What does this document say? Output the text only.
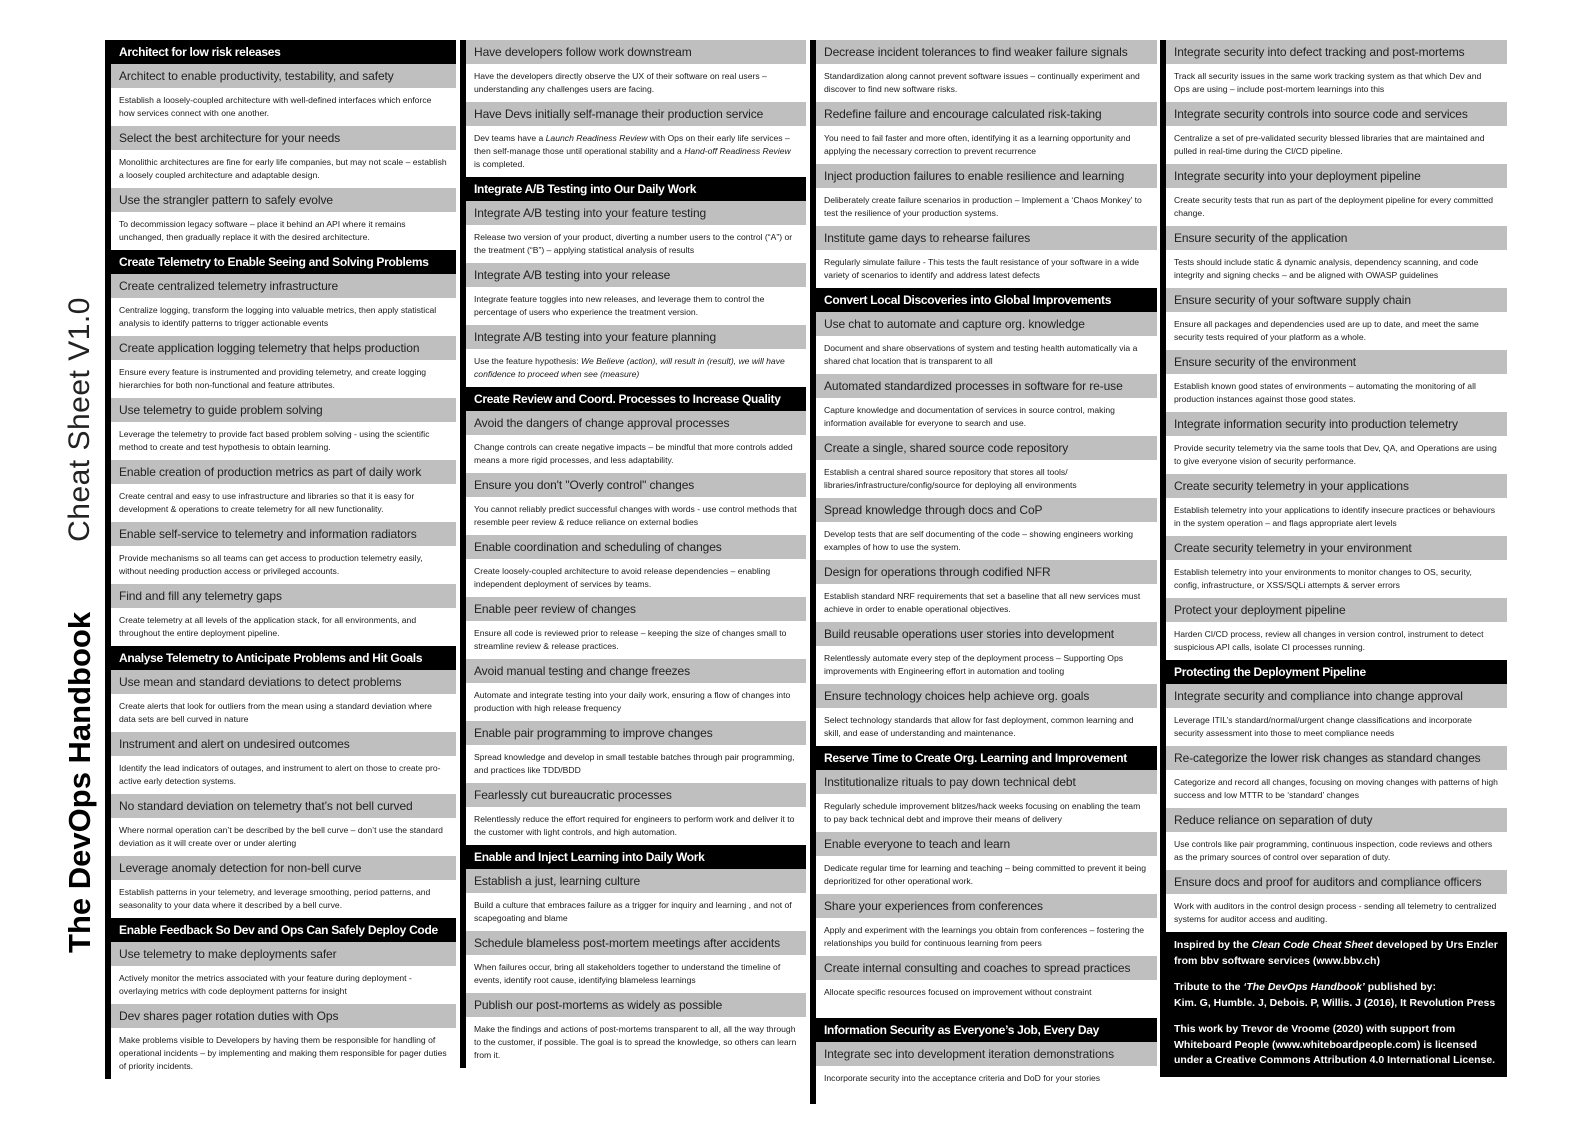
The DevOps Handbook
Cheat Sheet V1.0
Architect for low risk releases
Architect to enable productivity, testability, and safety
Establish a loosely-coupled architecture with well-defined interfaces which enforce how services connect with one another.
Select the best architecture for your needs
Monolithic architectures are fine for early life companies, but may not scale – establish a loosely coupled architecture and adaptable design.
Use the strangler pattern to safely evolve
To decommission legacy software – place it behind an API where it remains unchanged, then gradually replace it with the desired architecture.
Create Telemetry to Enable Seeing and Solving Problems
Create centralized telemetry infrastructure
Centralize logging, transform the logging into valuable metrics, then apply statistical analysis to identify patterns to trigger actionable events
Create application logging telemetry that helps production
Ensure every feature is instrumented and providing telemetry, and create logging hierarchies for both non-functional and feature attributes.
Use telemetry to guide problem solving
Leverage the telemetry to provide fact based problem solving - using the scientific method to create and test hypothesis to obtain learning.
Enable creation of production metrics as part of daily work
Create central and easy to use infrastructure and libraries so that it is easy for development & operations to create telemetry for all new functionality.
Enable self-service to telemetry and information radiators
Provide mechanisms so all teams can get access to production telemetry easily, without needing production access or privileged accounts.
Find and fill any telemetry gaps
Create telemetry at all levels of the application stack, for all environments, and throughout the entire deployment pipeline.
Analyse Telemetry to Anticipate Problems and Hit Goals
Use mean and standard deviations to detect problems
Create alerts that look for outliers from the mean using a standard deviation where data sets are bell curved in nature
Instrument and alert on undesired outcomes
Identify the lead indicators of outages, and instrument to alert on those to create pro-active early detection systems.
No standard deviation on telemetry that’s not bell curved
Where normal operation can’t be described by the bell curve – don’t use the standard deviation as it will create over or under alerting
Leverage anomaly detection for non-bell curve
Establish patterns in your telemetry, and leverage smoothing, period patterns, and seasonality to your data where it described by a bell curve.
Enable Feedback So Dev and Ops Can Safely Deploy Code
Use telemetry to make deployments safer
Actively monitor the metrics associated with your feature during deployment - overlaying metrics with code deployment patterns for insight
Dev shares pager rotation duties with Ops
Make problems visible to Developers by having them be responsible for handling of operational incidents – by implementing and making them responsible for pager duties of priority incidents.
Have developers follow work downstream
Have the developers directly observe the UX of their software on real users – understanding any challenges users are facing.
Have Devs initially self-manage their production service
Dev teams have a Launch Readiness Review with Ops on their early life services – then self-manage those until operational stability and a Hand-off Readiness Review is completed.
Integrate A/B Testing into Our Daily Work
Integrate A/B testing into your feature testing
Release two version of your product, diverting a number users to the control (“A”) or the treatment (“B”) – applying statistical analysis of results
Integrate A/B testing into your release
Integrate feature toggles into new releases, and leverage them to control the percentage of users who experience the treatment version.
Integrate A/B testing into your feature planning
Use the feature hypothesis: We Believe (action), will result in (result), we will have confidence to proceed when see (measure)
Create Review and Coord. Processes to Increase Quality
Avoid the dangers of change approval processes
Change controls can create negative impacts – be mindful that more controls added means a more rigid processes, and less adaptability.
Ensure you don't "Overly control" changes
You cannot reliably predict successful changes with words - use control methods that resemble peer review & reduce reliance on external bodies
Enable coordination and scheduling of changes
Create loosely-coupled architecture to avoid release dependencies – enabling independent deployment of services by teams.
Enable peer review of changes
Ensure all code is reviewed prior to release – keeping the size of changes small to streamline review & release practices.
Avoid manual testing and change freezes
Automate and integrate testing into your daily work, ensuring a flow of changes into production with high release frequency
Enable pair programming to improve changes
Spread knowledge and develop in small testable batches through pair programming, and practices like TDD/BDD
Fearlessly cut bureaucratic processes
Relentlessly reduce the effort required for engineers to perform work and deliver it to the customer with light controls, and high automation.
Enable and Inject Learning into Daily Work
Establish a just, learning culture
Build a culture that embraces failure as a trigger for inquiry and learning , and not of scapegoating and blame
Schedule blameless post-mortem meetings after accidents
When failures occur, bring all stakeholders together to understand the timeline of events, identify root cause, identifying blameless learnings
Publish our post-mortems as widely as possible
Make the findings and actions of post-mortems transparent to all, all the way through to the customer, if possible. The goal is to spread the knowledge, so others can learn from it.
Decrease incident tolerances to find weaker failure signals
Standardization along cannot prevent software issues – continually experiment and discover to find new software risks.
Redefine failure and encourage calculated risk-taking
You need to fail faster and more often, identifying it as a learning opportunity and applying the necessary correction to prevent recurrence
Inject production failures to enable resilience and learning
Deliberately create failure scenarios in production – Implement a ‘Chaos Monkey’ to test the resilience of your production systems.
Institute game days to rehearse failures
Regularly simulate failure - This tests the fault resistance of your software in a wide variety of scenarios to identify and address latest defects
Convert Local Discoveries into Global Improvements
Use chat to automate and capture org. knowledge
Document and share observations of system and testing health automatically via a shared chat location that is transparent to all
Automated standardized processes in software for re-use
Capture knowledge and documentation of services in source control, making information available for everyone to search and use.
Create a single, shared source code repository
Establish a central shared source repository that stores all tools/ libraries/infrastructure/config/source for deploying all environments
Spread knowledge through docs and CoP
Develop tests that are self documenting of the code – showing engineers working examples of how to use the system.
Design for operations through codified NFR
Establish standard NRF requirements that set a baseline that all new services must achieve in order to enable operational objectives.
Build reusable operations user stories into development
Relentlessly automate every step of the deployment process – Supporting Ops improvements with Engineering effort in automation and tooling
Ensure technology choices help achieve org. goals
Select technology standards that allow for fast deployment, common learning and skill, and ease of understanding and maintenance.
Reserve Time to Create Org. Learning and Improvement
Institutionalize rituals to pay down technical debt
Regularly schedule improvement blitzes/hack weeks focusing on enabling the team to pay back technical debt and improve their means of delivery
Enable everyone to teach and learn
Dedicate regular time for learning and teaching – being committed to prevent it being deprioritized for other operational work.
Share your experiences from conferences
Apply and experiment with the learnings you obtain from conferences – fostering the relationships you build for continuous learning from peers
Create internal consulting and coaches to spread practices
Allocate specific resources focused on improvement without constraint
Information Security as Everyone’s Job, Every Day
Integrate sec into development iteration demonstrations
Incorporate security into the acceptance criteria and DoD for your stories
Integrate security into defect tracking and post-mortems
Track all security issues in the same work tracking system as that which Dev and Ops are using – include post-mortem learnings into this
Integrate security controls into source code and services
Centralize a set of pre-validated security blessed libraries that are maintained and pulled in real-time during the CI/CD pipeline.
Integrate security into your deployment pipeline
Create security tests that run as part of the deployment pipeline for every committed change.
Ensure security of the application
Tests should include static & dynamic analysis, dependency scanning, and code integrity and signing checks – and be aligned with OWASP guidelines
Ensure security of your software supply chain
Ensure all packages and dependencies used are up to date, and meet the same security tests required of your platform as a whole.
Ensure security of the environment
Establish known good states of environments – automating the monitoring of all production instances against those good states.
Integrate information security into production telemetry
Provide security telemetry via the same tools that Dev, QA, and Operations are using to give everyone vision of security performance.
Create security telemetry in your applications
Establish telemetry into your applications to identify insecure practices or behaviours in the system operation – and flags appropriate alert levels
Create security telemetry in your environment
Establish telemetry into your environments to monitor changes to OS, security, config, infrastructure, or XSS/SQLi attempts & server errors
Protect your deployment pipeline
Harden CI/CD process, review all changes in version control, instrument to detect suspicious API calls, isolate CI processes running.
Protecting the Deployment Pipeline
Integrate security and compliance into change approval
Leverage ITIL’s standard/normal/urgent change classifications and incorporate security assessment into those to meet compliance needs
Re-categorize the lower risk changes as standard changes
Categorize and record all changes, focusing on moving changes with patterns of high success and low MTTR to be ‘standard’ changes
Reduce reliance on separation of duty
Use controls like pair programming, continuous inspection, code reviews and others as the primary sources of control over separation of duty.
Ensure docs and proof for auditors and compliance officers
Work with auditors in the control design process - sending all telemetry to centralized systems for auditor access and auditing.

Inspired by the Clean Code Cheat Sheet developed by Urs Enzler from bbv software services (www.bbv.ch)

Tribute to the ‘The DevOps Handbook’ published by:
Kim. G, Humble. J, Debois. P, Willis. J (2016), It Revolution Press

This work by Trevor de Vroome (2020) with support from Whiteboard People (www.whiteboardpeople.com) is licensed under a Creative Commons Attribution 4.0 International License.
